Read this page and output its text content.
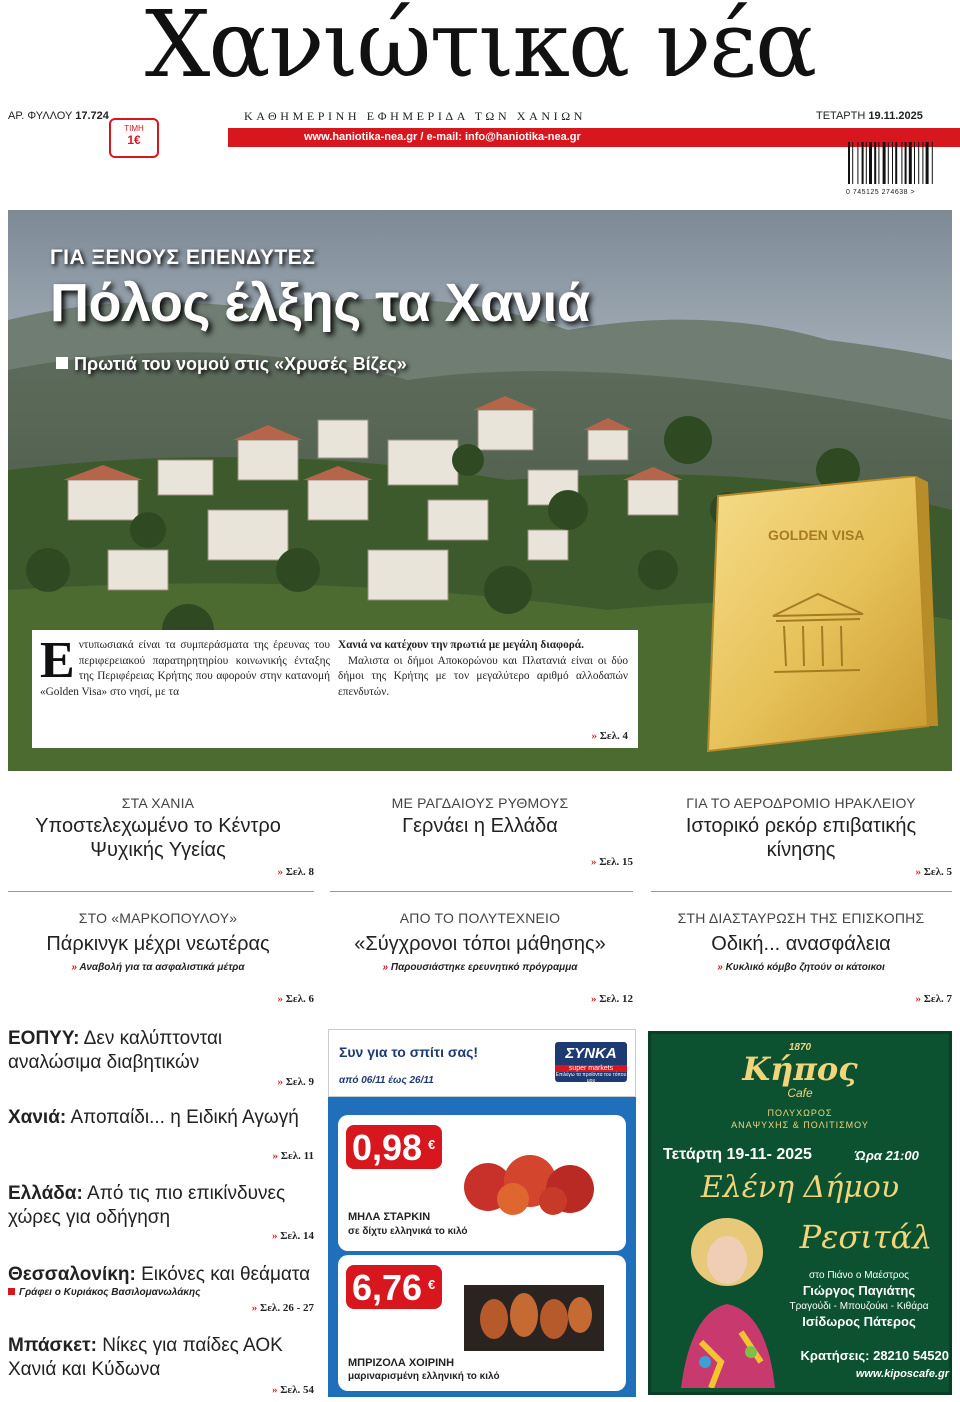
Χανιώτικα νέα
ΑΡ. ΦΥΛΛΟΥ 17.724	ΚΑΘΗΜΕΡΙΝΗ ΕΦΗΜΕΡΙΔΑ ΤΩΝ ΧΑΝΙΩΝ	ΤΕΤΑΡΤΗ 19.11.2025
www.haniotika-nea.gr / e-mail: info@haniotika-nea.gr
ΤΙΜΗ
1€
0 745125 274638 >
GOLDEN VISA
ΓΙΑ ΞΕΝΟΥΣ ΕΠΕΝΔΥΤΕΣ
Πόλος έλξης τα Χανιά
Πρωτιά του νομού στις «Χρυσές Βίζες»
Εντυπωσιακά είναι τα συμπεράσματα της έρευνας του περιφερειακού παρατηρητηρίου κοινωνικής ένταξης της Περιφέρειας Κρήτης που αφορούν στην κατανομή «Golden Visa» στο νησί, με τα
Χανιά να κατέχουν την πρωτιά με μεγάλη διαφορά.
Μαλιστα οι δήμοι Αποκορώνου και Πλατανιά είναι οι δύο δήμοι της Κρήτης με τον μεγαλύτερο αριθμό αλλοδαπών επενδυτών.
» Σελ. 4
ΣΤΑ ΧΑΝΙΑ
Υποστελεχωμένο το Κέντρο Ψυχικής Υγείας
» Σελ. 8
ΜΕ ΡΑΓΔΑΙΟΥΣ ΡΥΘΜΟΥΣ
Γερνάει η Ελλάδα
» Σελ. 15
ΓΙΑ ΤΟ ΑΕΡΟΔΡΟΜΙΟ ΗΡΑΚΛΕΙΟΥ
Ιστορικό ρεκόρ επιβατικής κίνησης
» Σελ. 5
ΣΤΟ «ΜΑΡΚΟΠΟΥΛΟΥ»
Πάρκινγκ μέχρι νεωτέρας
» Αναβολή για τα ασφαλιστικά μέτρα
» Σελ. 6
ΑΠΟ ΤΟ ΠΟΛΥΤΕΧΝΕΙΟ
«Σύγχρονοι τόποι μάθησης»
» Παρουσιάστηκε ερευνητικό πρόγραμμα
» Σελ. 12
ΣΤΗ ΔΙΑΣΤΑΥΡΩΣΗ ΤΗΣ ΕΠΙΣΚΟΠΗΣ
Οδική... ανασφάλεια
» Κυκλικό κόμβο ζητούν οι κάτοικοι
» Σελ. 7
ΕΟΠΥΥ: Δεν καλύπτονται αναλώσιμα διαβητικών
» Σελ. 9
Χανιά: Αποπαίδι... η Ειδική Αγωγή
» Σελ. 11
Ελλάδα: Από τις πιο επικίνδυνες χώρες για οδήγηση
» Σελ. 14
Θεσσαλονίκη: Εικόνες και θεάματα
Γράφει ο Κυριάκος Βασιλομανωλάκης
» Σελ. 26 - 27
Μπάσκετ: Νίκες για παίδες ΑΟΚ Χανιά και Κύδωνα
» Σελ. 54
Συν για το σπίτι σας!
από 06/11 έως 26/11
ΣΥΝΚΑ
super markets
Επιλέγω τα προϊόντα του τόπου μου
0,98 €
ΜΗΛΑ ΣΤΑΡΚΙΝ
σε δίχτυ ελληνικά το κιλό
6,76 €
ΜΠΡΙΖΟΛΑ ΧΟΙΡΙΝΗ
μαριναρισμένη ελληνική το κιλό
1870
Κήπος
Cafe
ΠΟΛΥΧΩΡΟΣ
ΑΝΑΨΥΧΗΣ & ΠΟΛΙΤΙΣΜΟΥ
Τετάρτη 19-11- 2025	Ώρα 21:00
Ελένη Δήμου
Ρεσιτάλ
στο Πιάνο ο Μαέστρος
Γιώργος Παγιάτης
Τραγούδι - Μπουζούκι - Κιθάρα
Ισίδωρος Πάτερος
Κρατήσεις: 28210 54520
www.kiposcafe.gr
